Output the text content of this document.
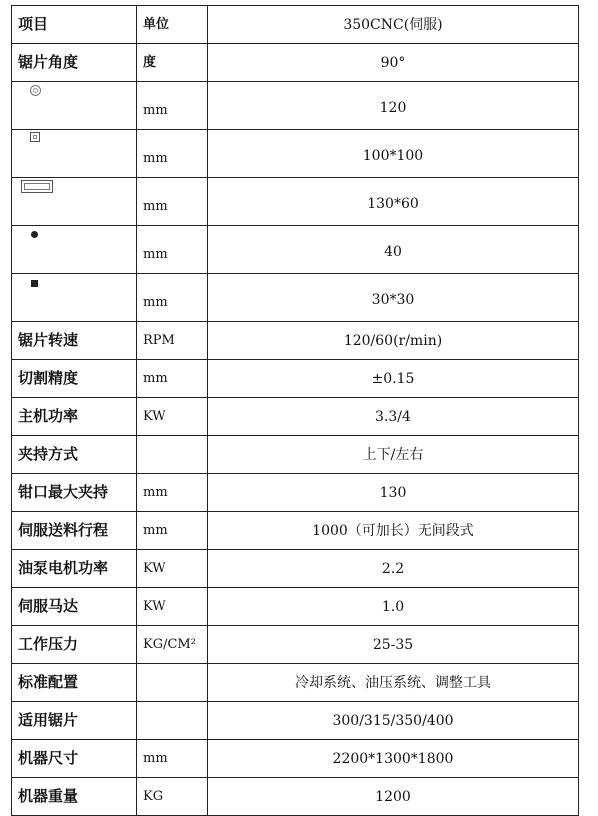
项目	单位	350CNC(伺服)
锯片角度	度	90°

	mm	120

	mm	100*100

	mm	130*60

	mm	40

	mm	30*30
锯片转速	RPM	120/60(r/min)
切割精度	mm	±0.15
主机功率	KW	3.3/4
夹持方式		上下/左右
钳口最大夹持	mm	130
伺服送料行程	mm	1000（可加长）无间段式
油泵电机功率	KW	2.2
伺服马达	KW	1.0
工作压力	KG/CM²	25-35
标准配置		冷却系统、油压系统、调整工具
适用锯片		300/315/350/400
机器尺寸	mm	2200*1300*1800
机器重量	KG	1200
